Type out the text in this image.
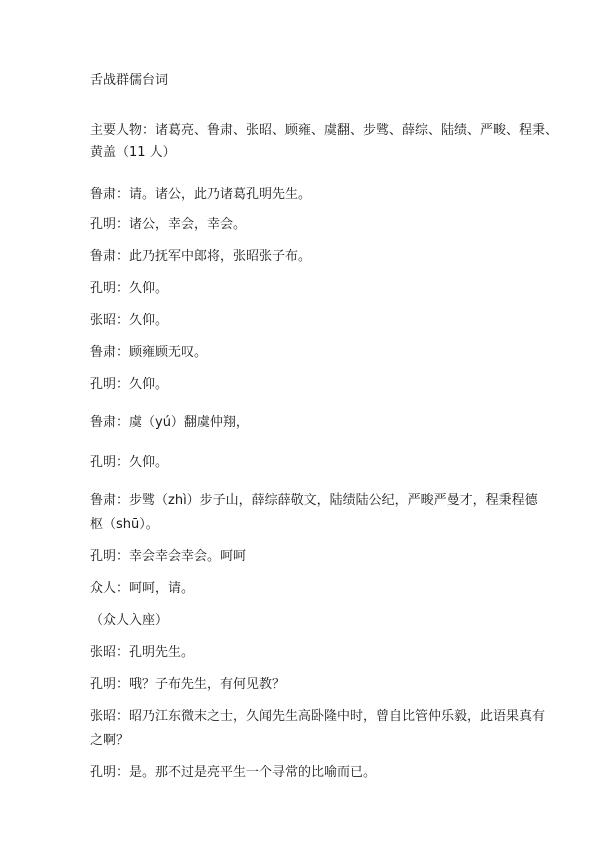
舌战群儒台词
主要人物：诸葛亮、鲁肃、张昭、顾雍、虞翻、步骘、薛综、陆绩、严畯、程秉、
黄盖（11 人）
鲁肃：请。诸公，此乃诸葛孔明先生。
孔明：诸公，幸会，幸会。
鲁肃：此乃抚军中郎将，张昭张子布。
孔明：久仰。
张昭：久仰。
鲁肃：顾雍顾无叹。
孔明：久仰。
鲁肃：虞（yú）翻虞仲翔，
孔明：久仰。
鲁肃：步骘（zhì）步子山，薛综薛敬文，陆绩陆公纪，严畯严曼才，程秉程德
枢（shū）。
孔明：幸会幸会幸会。呵呵
众人：呵呵，请。
（众人入座）
张昭：孔明先生。
孔明：哦？子布先生，有何见教？
张昭：昭乃江东微末之士，久闻先生高卧隆中时，曾自比管仲乐毅，此语果真有
之啊？
孔明：是。那不过是亮平生一个寻常的比喻而已。
